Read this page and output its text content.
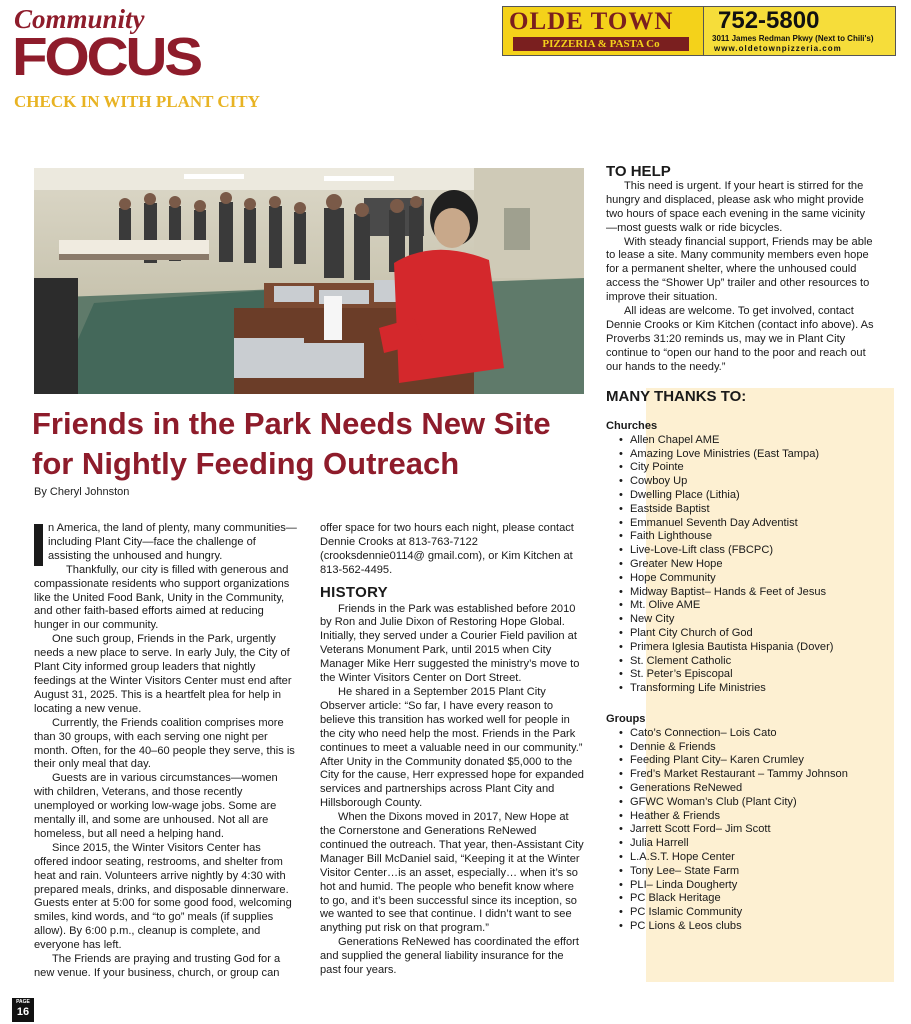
Community
FOCUS
CHECK IN WITH PLANT CITY
OLDE TOWN
PIZZERIA & PASTA Co
752-5800
3011 James Redman Pkwy (Next to Chili's)
www.oldetownpizzeria.com
Friends in the Park Needs New Site for Nightly Feeding Outreach
By Cheryl Johnston

n America, the land of plenty, many communities—including Plant City—face the challenge of assisting the unhoused and hungry.

Thankfully, our city is filled with generous and compassionate residents who support organizations like the United Food Bank, Unity in the Community, and other faith-based efforts aimed at reducing hunger in our community.

One such group, Friends in the Park, urgently needs a new place to serve. In early July, the City of Plant City informed group leaders that nightly feedings at the Winter Visitors Center must end after August 31, 2025. This is a heartfelt plea for help in locating a new venue.

Currently, the Friends coalition comprises more than 30 groups, with each serving one night per month. Often, for the 40–60 people they serve, this is their only meal that day.

Guests are in various circumstances—women with children, Veterans, and those recently unemployed or working low-wage jobs. Some are mentally ill, and some are unhoused. Not all are homeless, but all need a helping hand.

Since 2015, the Winter Visitors Center has offered indoor seating, restrooms, and shelter from heat and rain. Volunteers arrive nightly by 4:30 with prepared meals, drinks, and disposable dinnerware. Guests enter at 5:00 for some good food, welcoming smiles, kind words, and “to go” meals (if supplies allow). By 6:00 p.m., cleanup is complete, and everyone has left.

The Friends are praying and trusting God for a new venue. If your business, church, or group can

offer space for two hours each night, please contact Dennie Crooks at 813-763-7122 (crooksdennie0114@ gmail.com), or Kim Kitchen at 813-562-4495.

HISTORY

Friends in the Park was established before 2010 by Ron and Julie Dixon of Restoring Hope Global. Initially, they served under a Courier Field pavilion at Veterans Monument Park, until 2015 when City Manager Mike Herr suggested the ministry’s move to the Winter Visitors Center on Dort Street.

He shared in a September 2015 Plant City Observer article: “So far, I have every reason to believe this transition has worked well for people in the city who need help the most. Friends in the Park continues to meet a valuable need in our community.” After Unity in the Community donated $5,000 to the City for the cause, Herr expressed hope for expanded services and partnerships across Plant City and Hillsborough County.

When the Dixons moved in 2017, New Hope at the Cornerstone and Generations ReNewed continued the outreach. That year, then-Assistant City Manager Bill McDaniel said, “Keeping it at the Winter Visitor Center…is an asset, especially… when it’s so hot and humid. The people who benefit know where to go, and it’s been successful since its inception, so we wanted to see that continue. I didn’t want to see anything put risk on that program.”

Generations ReNewed has coordinated the effort and supplied the general liability insurance for the past four years.

TO HELP

This need is urgent. If your heart is stirred for the hungry and displaced, please ask who might provide two hours of space each evening in the same vicinity—most guests walk or ride bicycles.

With steady financial support, Friends may be able to lease a site. Many community members even hope for a permanent shelter, where the unhoused could access the “Shower Up” trailer and other resources to improve their situation.

All ideas are welcome. To get involved, contact Dennie Crooks or Kim Kitchen (contact info above). As Proverbs 31:20 reminds us, may we in Plant City continue to “open our hand to the poor and reach out our hands to the needy.”

MANY THANKS TO:
Churches
• Allen Chapel AME
• Amazing Love Ministries (East Tampa)
• City Pointe
• Cowboy Up
• Dwelling Place (Lithia)
• Eastside Baptist
• Emmanuel Seventh Day Adventist
• Faith Lighthouse
• Live-Love-Lift class (FBCPC)
• Greater New Hope
• Hope Community
• Midway Baptist– Hands & Feet of Jesus
• Mt. Olive AME
• New City
• Plant City Church of God
• Primera Iglesia Bautista Hispania (Dover)
• St. Clement Catholic
• St. Peter’s Episcopal
• Transforming Life Ministries
Groups
• Cato’s Connection– Lois Cato
• Dennie & Friends
• Feeding Plant City– Karen Crumley
• Fred’s Market Restaurant – Tammy Johnson
• Generations ReNewed
• GFWC Woman’s Club (Plant City)
• Heather & Friends
• Jarrett Scott Ford– Jim Scott
• Julia Harrell
• L.A.S.T. Hope Center
• Tony Lee– State Farm
• PLI– Linda Dougherty
• PC Black Heritage
• PC Islamic Community
• PC Lions & Leos clubs
PAGE
16
